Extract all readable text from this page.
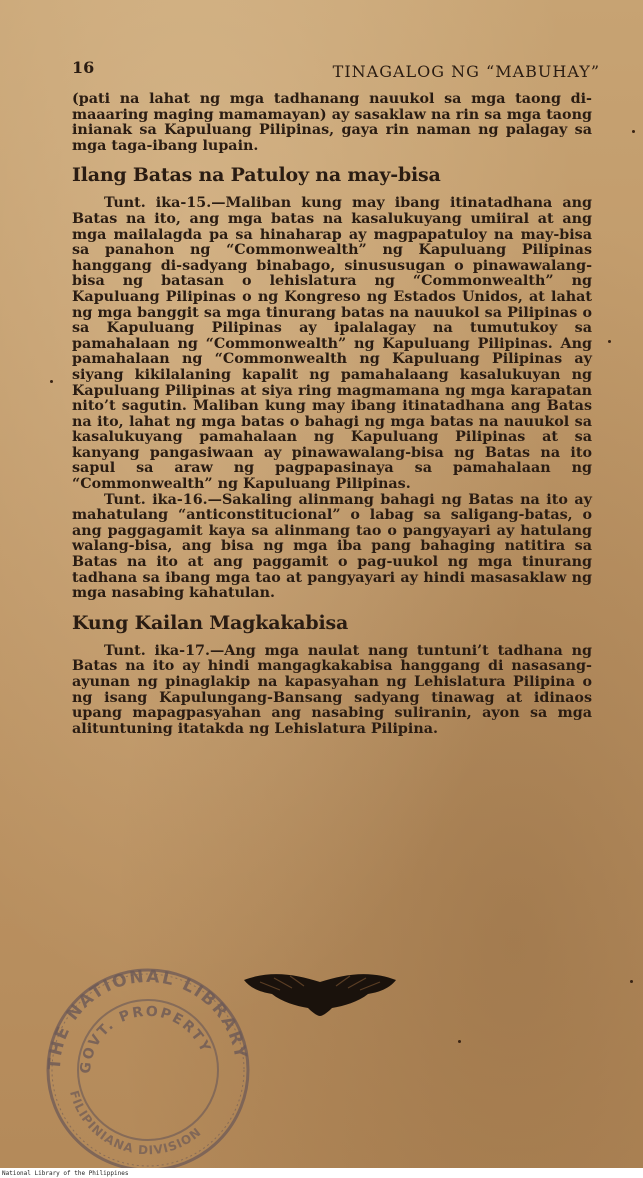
16	TINAGALOG NG “MABUHAY”

(pati na lahat ng mga tadhanang nauukol sa mga taong di-maaaring maging mamamayan) ay sasaklaw na rin sa mga taong inianak sa Kapuluang Pilipinas, gaya rin naman ng palagay sa mga taga-ibang lupain.

Ilang Batas na Patuloy na may-bisa

Tunt. ika-15.—Maliban kung may ibang itinatadhana ang Batas na ito, ang mga batas na kasalukuyang umiiral at ang mga mailalagda pa sa hinaharap ay magpapatuloy na may-bisa sa panahon ng “Commonwealth” ng Kapuluang Pilipinas hanggang di-sadyang binabago, sinususugan o pinawawalang-bisa ng batasan o lehislatura ng “Commonwealth” ng Kapuluang Pilipinas o ng Kongreso ng Estados Unidos, at lahat ng mga banggit sa mga tinurang batas na nauukol sa Pilipinas o sa Kapuluang Pilipinas ay ipalalagay na tumutukoy sa pamahalaan ng “Commonwealth” ng Kapuluang Pilipinas. Ang pamahalaan ng “Commonwealth ng Kapuluang Pilipinas ay siyang kikilalaning kapalit ng pamahalaang kasalukuyan ng Kapuluang Pilipinas at siya ring magmamana ng mga karapatan nito’t sagutin. Maliban kung may ibang itinatadhana ang Batas na ito, lahat ng mga batas o bahagi ng mga batas na nauukol sa kasalukuyang pamahalaan ng Kapuluang Pilipinas at sa kanyang pangasiwaan ay pinawawalang-bisa ng Batas na ito sapul sa araw ng pagpapasinaya sa pamahalaan ng “Commonwealth” ng Kapuluang Pilipinas.

Tunt. ika-16.—Sakaling alinmang bahagi ng Batas na ito ay mahatulang “anticonstitucional” o labag sa saligang-batas, o ang paggagamit kaya sa alinmang tao o pangyayari ay hatulang walang-bisa, ang bisa ng mga iba pang bahaging natitira sa Batas na ito at ang paggamit o pag-uukol ng mga tinurang tadhana sa ibang mga tao at pangyayari ay hindi masasaklaw ng mga nasabing kahatulan.

Kung Kailan Magkakabisa

Tunt. ika-17.—Ang mga naulat nang tuntuni’t tadhana ng Batas na ito ay hindi mangagkakabisa hanggang di nasasang-ayunan ng pinaglakip na kapasyahan ng Lehislatura Pilipina o ng isang Kapulungang-Bansang sadyang tinawag at idinaos upang mapagpasyahan ang nasabing suliranin, ayon sa mga alituntuning itatakda ng Lehislatura Pilipina.

THE NATIONAL LIBRARY
GOVT. PROPERTY
FILIPINIANA DIVISION
National Library of the Philippines
